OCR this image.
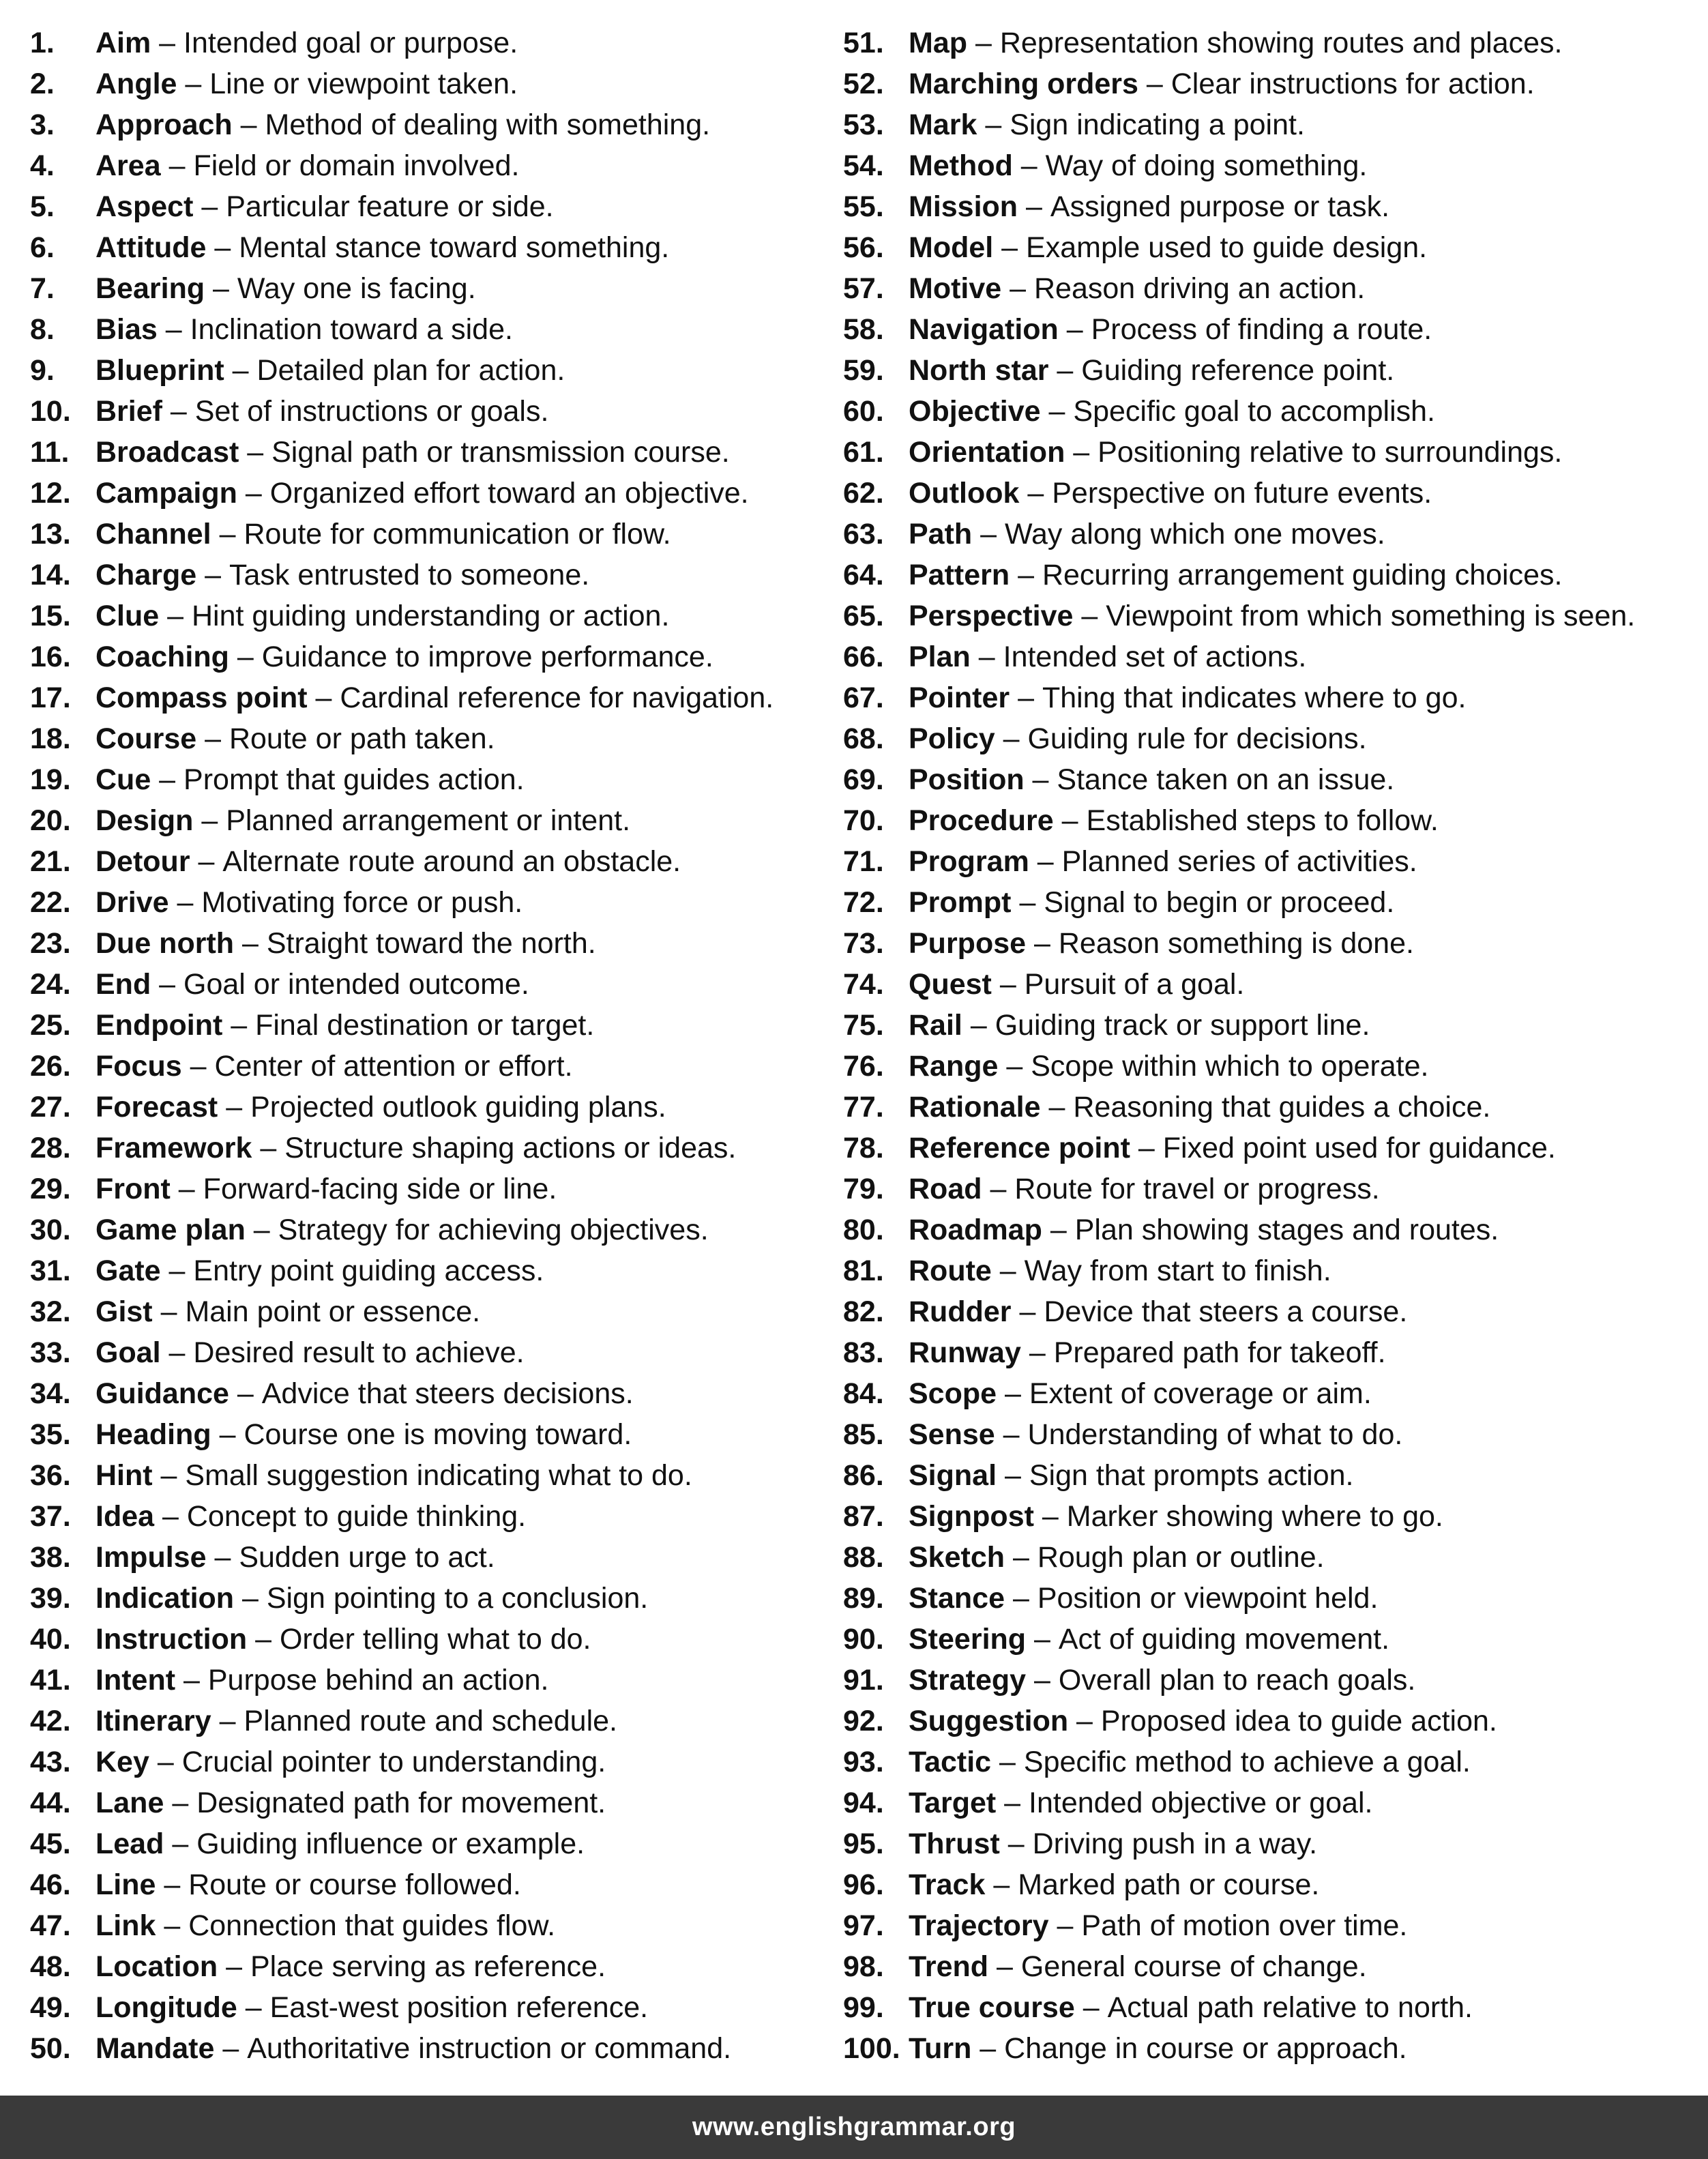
1.	Aim – Intended goal or purpose.
2.	Angle – Line or viewpoint taken.
3.	Approach – Method of dealing with something.
4.	Area – Field or domain involved.
5.	Aspect – Particular feature or side.
6.	Attitude – Mental stance toward something.
7.	Bearing – Way one is facing.
8.	Bias – Inclination toward a side.
9.	Blueprint – Detailed plan for action.
10. Brief – Set of instructions or goals.
11. Broadcast – Signal path or transmission course.
12. Campaign – Organized effort toward an objective.
13. Channel – Route for communication or flow.
14. Charge – Task entrusted to someone.
15. Clue – Hint guiding understanding or action.
16. Coaching – Guidance to improve performance.
17. Compass point – Cardinal reference for navigation.
18. Course – Route or path taken.
19. Cue – Prompt that guides action.
20. Design – Planned arrangement or intent.
21. Detour – Alternate route around an obstacle.
22. Drive – Motivating force or push.
23. Due north – Straight toward the north.
24. End – Goal or intended outcome.
25. Endpoint – Final destination or target.
26. Focus – Center of attention or effort.
27. Forecast – Projected outlook guiding plans.
28. Framework – Structure shaping actions or ideas.
29. Front – Forward-facing side or line.
30. Game plan – Strategy for achieving objectives.
31. Gate – Entry point guiding access.
32. Gist – Main point or essence.
33. Goal – Desired result to achieve.
34. Guidance – Advice that steers decisions.
35. Heading – Course one is moving toward.
36. Hint – Small suggestion indicating what to do.
37. Idea – Concept to guide thinking.
38. Impulse – Sudden urge to act.
39. Indication – Sign pointing to a conclusion.
40. Instruction – Order telling what to do.
41. Intent – Purpose behind an action.
42. Itinerary – Planned route and schedule.
43. Key – Crucial pointer to understanding.
44. Lane – Designated path for movement.
45. Lead – Guiding influence or example.
46. Line – Route or course followed.
47. Link – Connection that guides flow.
48. Location – Place serving as reference.
49. Longitude – East-west position reference.
50. Mandate – Authoritative instruction or command.
51. Map – Representation showing routes and places.
52. Marching orders – Clear instructions for action.
53. Mark – Sign indicating a point.
54. Method – Way of doing something.
55. Mission – Assigned purpose or task.
56. Model – Example used to guide design.
57. Motive – Reason driving an action.
58. Navigation – Process of finding a route.
59. North star – Guiding reference point.
60. Objective – Specific goal to accomplish.
61. Orientation – Positioning relative to surroundings.
62. Outlook – Perspective on future events.
63. Path – Way along which one moves.
64. Pattern – Recurring arrangement guiding choices.
65. Perspective – Viewpoint from which something is seen.
66. Plan – Intended set of actions.
67. Pointer – Thing that indicates where to go.
68. Policy – Guiding rule for decisions.
69. Position – Stance taken on an issue.
70. Procedure – Established steps to follow.
71. Program – Planned series of activities.
72. Prompt – Signal to begin or proceed.
73. Purpose – Reason something is done.
74. Quest – Pursuit of a goal.
75. Rail – Guiding track or support line.
76. Range – Scope within which to operate.
77. Rationale – Reasoning that guides a choice.
78. Reference point – Fixed point used for guidance.
79. Road – Route for travel or progress.
80. Roadmap – Plan showing stages and routes.
81. Route – Way from start to finish.
82. Rudder – Device that steers a course.
83. Runway – Prepared path for takeoff.
84. Scope – Extent of coverage or aim.
85. Sense – Understanding of what to do.
86. Signal – Sign that prompts action.
87. Signpost – Marker showing where to go.
88. Sketch – Rough plan or outline.
89. Stance – Position or viewpoint held.
90. Steering – Act of guiding movement.
91. Strategy – Overall plan to reach goals.
92. Suggestion – Proposed idea to guide action.
93. Tactic – Specific method to achieve a goal.
94. Target – Intended objective or goal.
95. Thrust – Driving push in a way.
96. Track – Marked path or course.
97. Trajectory – Path of motion over time.
98. Trend – General course of change.
99. True course – Actual path relative to north.
100. Turn – Change in course or approach.
www.englishgrammar.org
